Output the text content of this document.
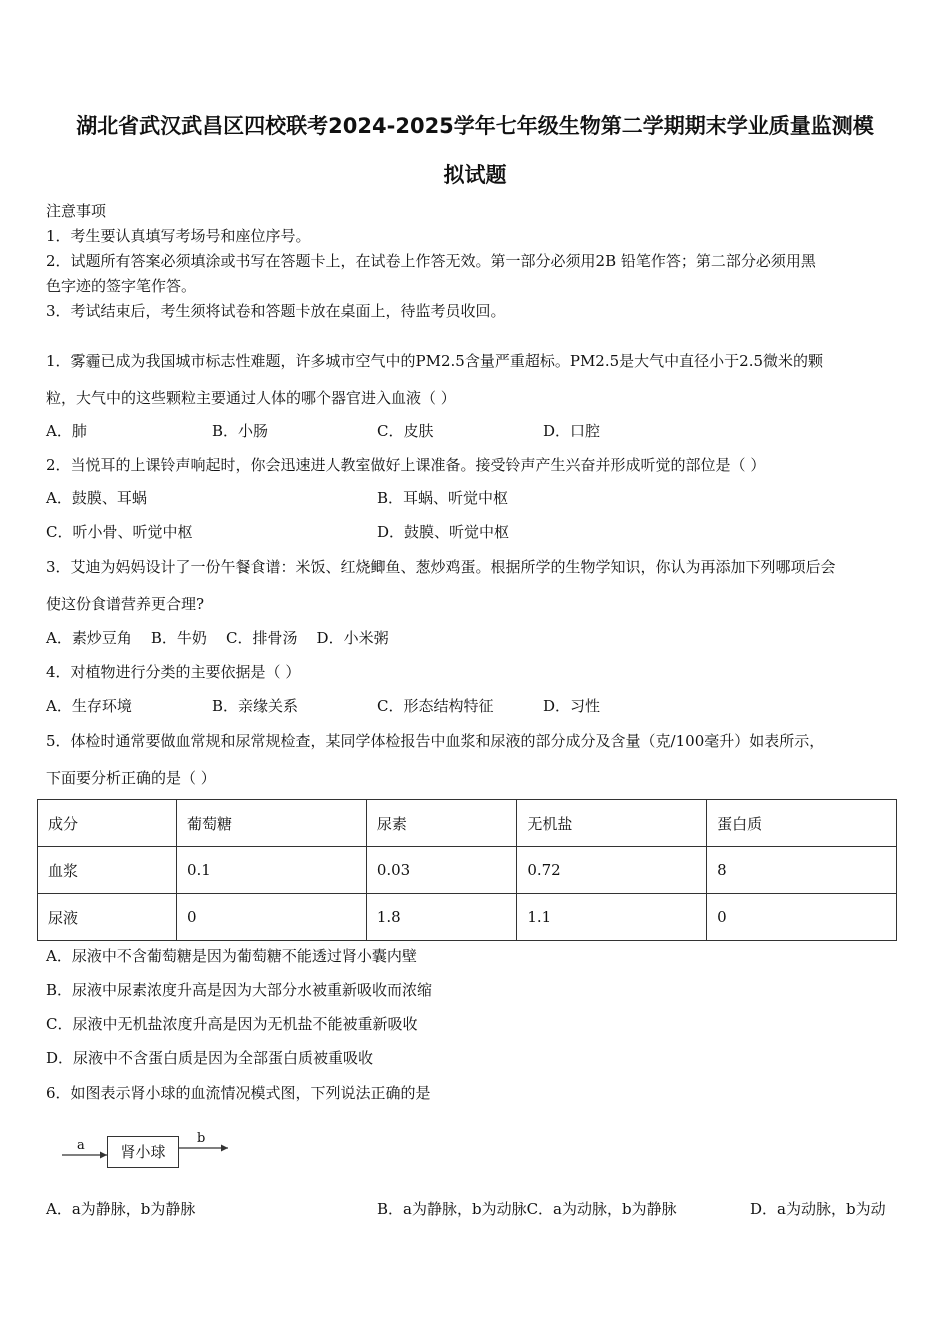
湖北省武汉武昌区四校联考2024-2025学年七年级生物第二学期期末学业质量监测模
拟试题
注意事项
1．考生要认真填写考场号和座位序号。
2．试题所有答案必须填涂或书写在答题卡上，在试卷上作答无效。第一部分必须用2B 铅笔作答；第二部分必须用黑
色字迹的签字笔作答。
3．考试结束后，考生须将试卷和答题卡放在桌面上，待监考员收回。
1．雾霾已成为我国城市标志性难题，许多城市空气中的PM2.5含量严重超标。PM2.5是大气中直径小于2.5微米的颗
粒，大气中的这些颗粒主要通过人体的哪个器官进入血液（ ）
A．肺	B．小肠	C．皮肤	D．口腔
2．当悦耳的上课铃声响起时，你会迅速进人教室做好上课准备。接受铃声产生兴奋并形成听觉的部位是（ ）
A．鼓膜、耳蜗	B．耳蜗、听觉中枢
C．听小骨、听觉中枢	D．鼓膜、听觉中枢
3．艾迪为妈妈设计了一份午餐食谱：米饭、红烧鲫鱼、葱炒鸡蛋。根据所学的生物学知识，你认为再添加下列哪项后会
使这份食谱营养更合理?
A．素炒豆角    B．牛奶    C．排骨汤    D．小米粥
4．对植物进行分类的主要依据是（ ）
A．生存环境	B．亲缘关系	C．形态结构特征	D．习性
5．体检时通常要做血常规和尿常规检查，某同学体检报告中血浆和尿液的部分成分及含量（克/100毫升）如表所示，
下面要分析正确的是（ ）
成分	葡萄糖	尿素	无机盐	蛋白质
血浆	0.1	0.03	0.72	8
尿液	0	1.8	1.1	0
A．尿液中不含葡萄糖是因为葡萄糖不能透过肾小囊内壁
B．尿液中尿素浓度升高是因为大部分水被重新吸收而浓缩
C．尿液中无机盐浓度升高是因为无机盐不能被重新吸收
D．尿液中不含蛋白质是因为全部蛋白质被重吸收
6．如图表示肾小球的血流情况模式图，下列说法正确的是
a	肾小球
b
A．a为静脉，b为静脉	B．a为静脉，b为动脉C．a为动脉，b为静脉	D．a为动脉，b为动
